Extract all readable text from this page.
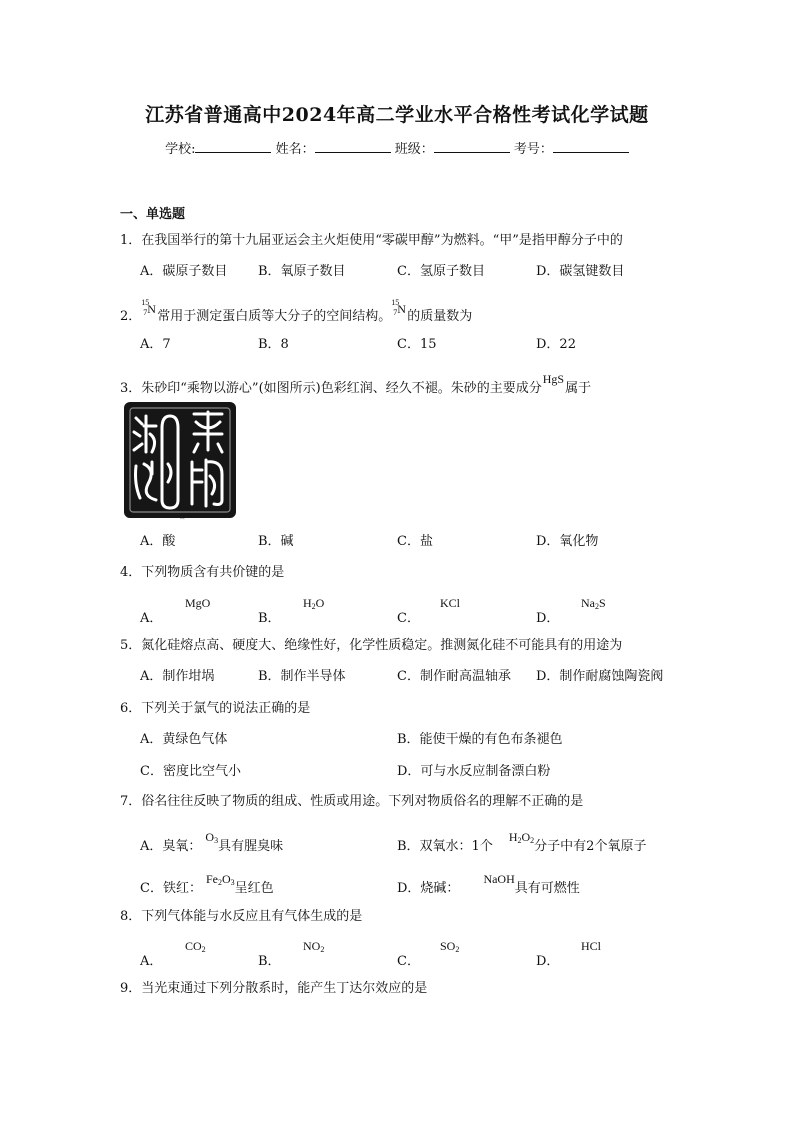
江苏省普通高中2024年高二学业水平合格性考试化学试题
学校:	姓名：	班级：	考号：
一、单选题
1．在我国举行的第十九届亚运会主火炬使用“零碳甲醇”为燃料。“甲”是指甲醇分子中的
A．碳原子数目 B．氧原子数目	C．氢原子数目	D．碳氢键数目
2．
15
7 N 常用于测定蛋白质等大分子的空间结构。
15
7 N 的质量数为
A．7	B．8	C．15	D．22
3．朱砂印“乘物以游心”(如图所示)色彩红润、经久不褪。朱砂的主要成分HgS属于
乘物以游心
A．酸	B．碱	C．盐	D．氧化物
4．下列物质含有共价键的是
A．
MgO
B．
$H_2O$
C．
KCl
D．
$Na_2S$
5．氮化硅熔点高、硬度大、绝缘性好，化学性质稳定。推测氮化硅不可能具有的用途为
A．制作坩埚	B．制作半导体	C．制作耐高温轴承 D．制作耐腐蚀陶瓷阀
6．下列关于氯气的说法正确的是
A．黄绿色气体	B．能使干燥的有色布条褪色
C．密度比空气小	D．可与水反应制备漂白粉
7．俗名往往反映了物质的组成、性质或用途。下列对物质俗名的理解不正确的是
A．臭氧：$O_3$具有腥臭味	B．双氧水：1个$H_2O_2$分子中有2个氧原子
C．铁红：$Fe_2O_3$呈红色	D．烧碱：NaOH具有可燃性
8．下列气体能与水反应且有气体生成的是
A．
$CO_2$
B．
$NO_2$
C．
$SO_2$
D．
HCl
9．当光束通过下列分散系时，能产生丁达尔效应的是
